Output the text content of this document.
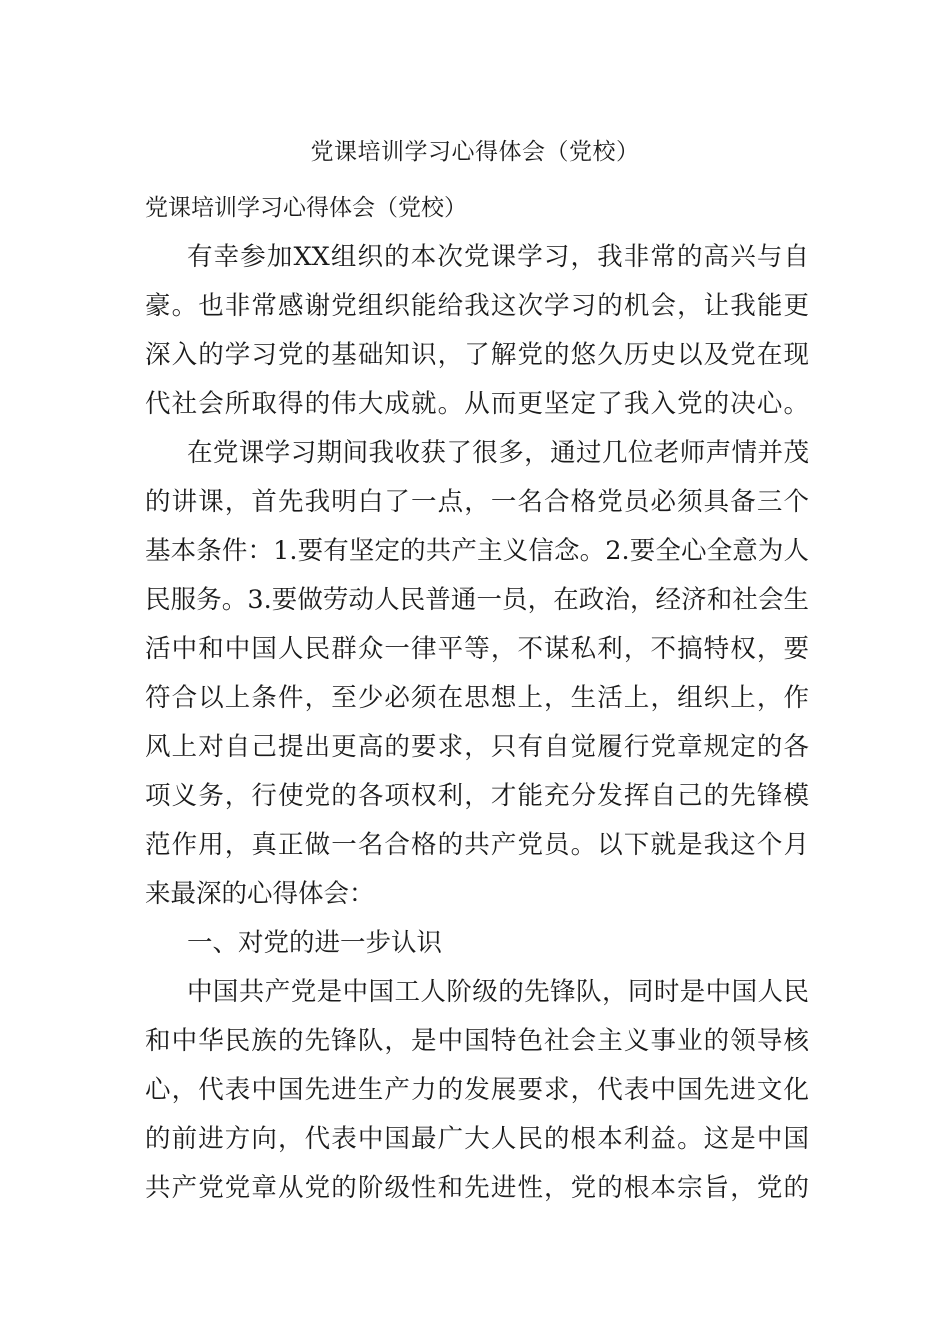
党课培训学习心得体会（党校）
党课培训学习心得体会（党校）
有幸参加XX组织的本次党课学习，我非常的高兴与自
豪。也非常感谢党组织能给我这次学习的机会，让我能更
深入的学习党的基础知识，了解党的悠久历史以及党在现
代社会所取得的伟大成就。从而更坚定了我入党的决心。
在党课学习期间我收获了很多，通过几位老师声情并茂
的讲课，首先我明白了一点，一名合格党员必须具备三个
基本条件：1.要有坚定的共产主义信念。2.要全心全意为人
民服务。3.要做劳动人民普通一员，在政治，经济和社会生
活中和中国人民群众一律平等，不谋私利，不搞特权，要
符合以上条件，至少必须在思想上，生活上，组织上，作
风上对自己提出更高的要求，只有自觉履行党章规定的各
项义务，行使党的各项权利，才能充分发挥自己的先锋模
范作用，真正做一名合格的共产党员。以下就是我这个月
来最深的心得体会：
一、对党的进一步认识
中国共产党是中国工人阶级的先锋队，同时是中国人民
和中华民族的先锋队，是中国特色社会主义事业的领导核
心，代表中国先进生产力的发展要求，代表中国先进文化
的前进方向，代表中国最广大人民的根本利益。这是中国
共产党党章从党的阶级性和先进性，党的根本宗旨，党的
